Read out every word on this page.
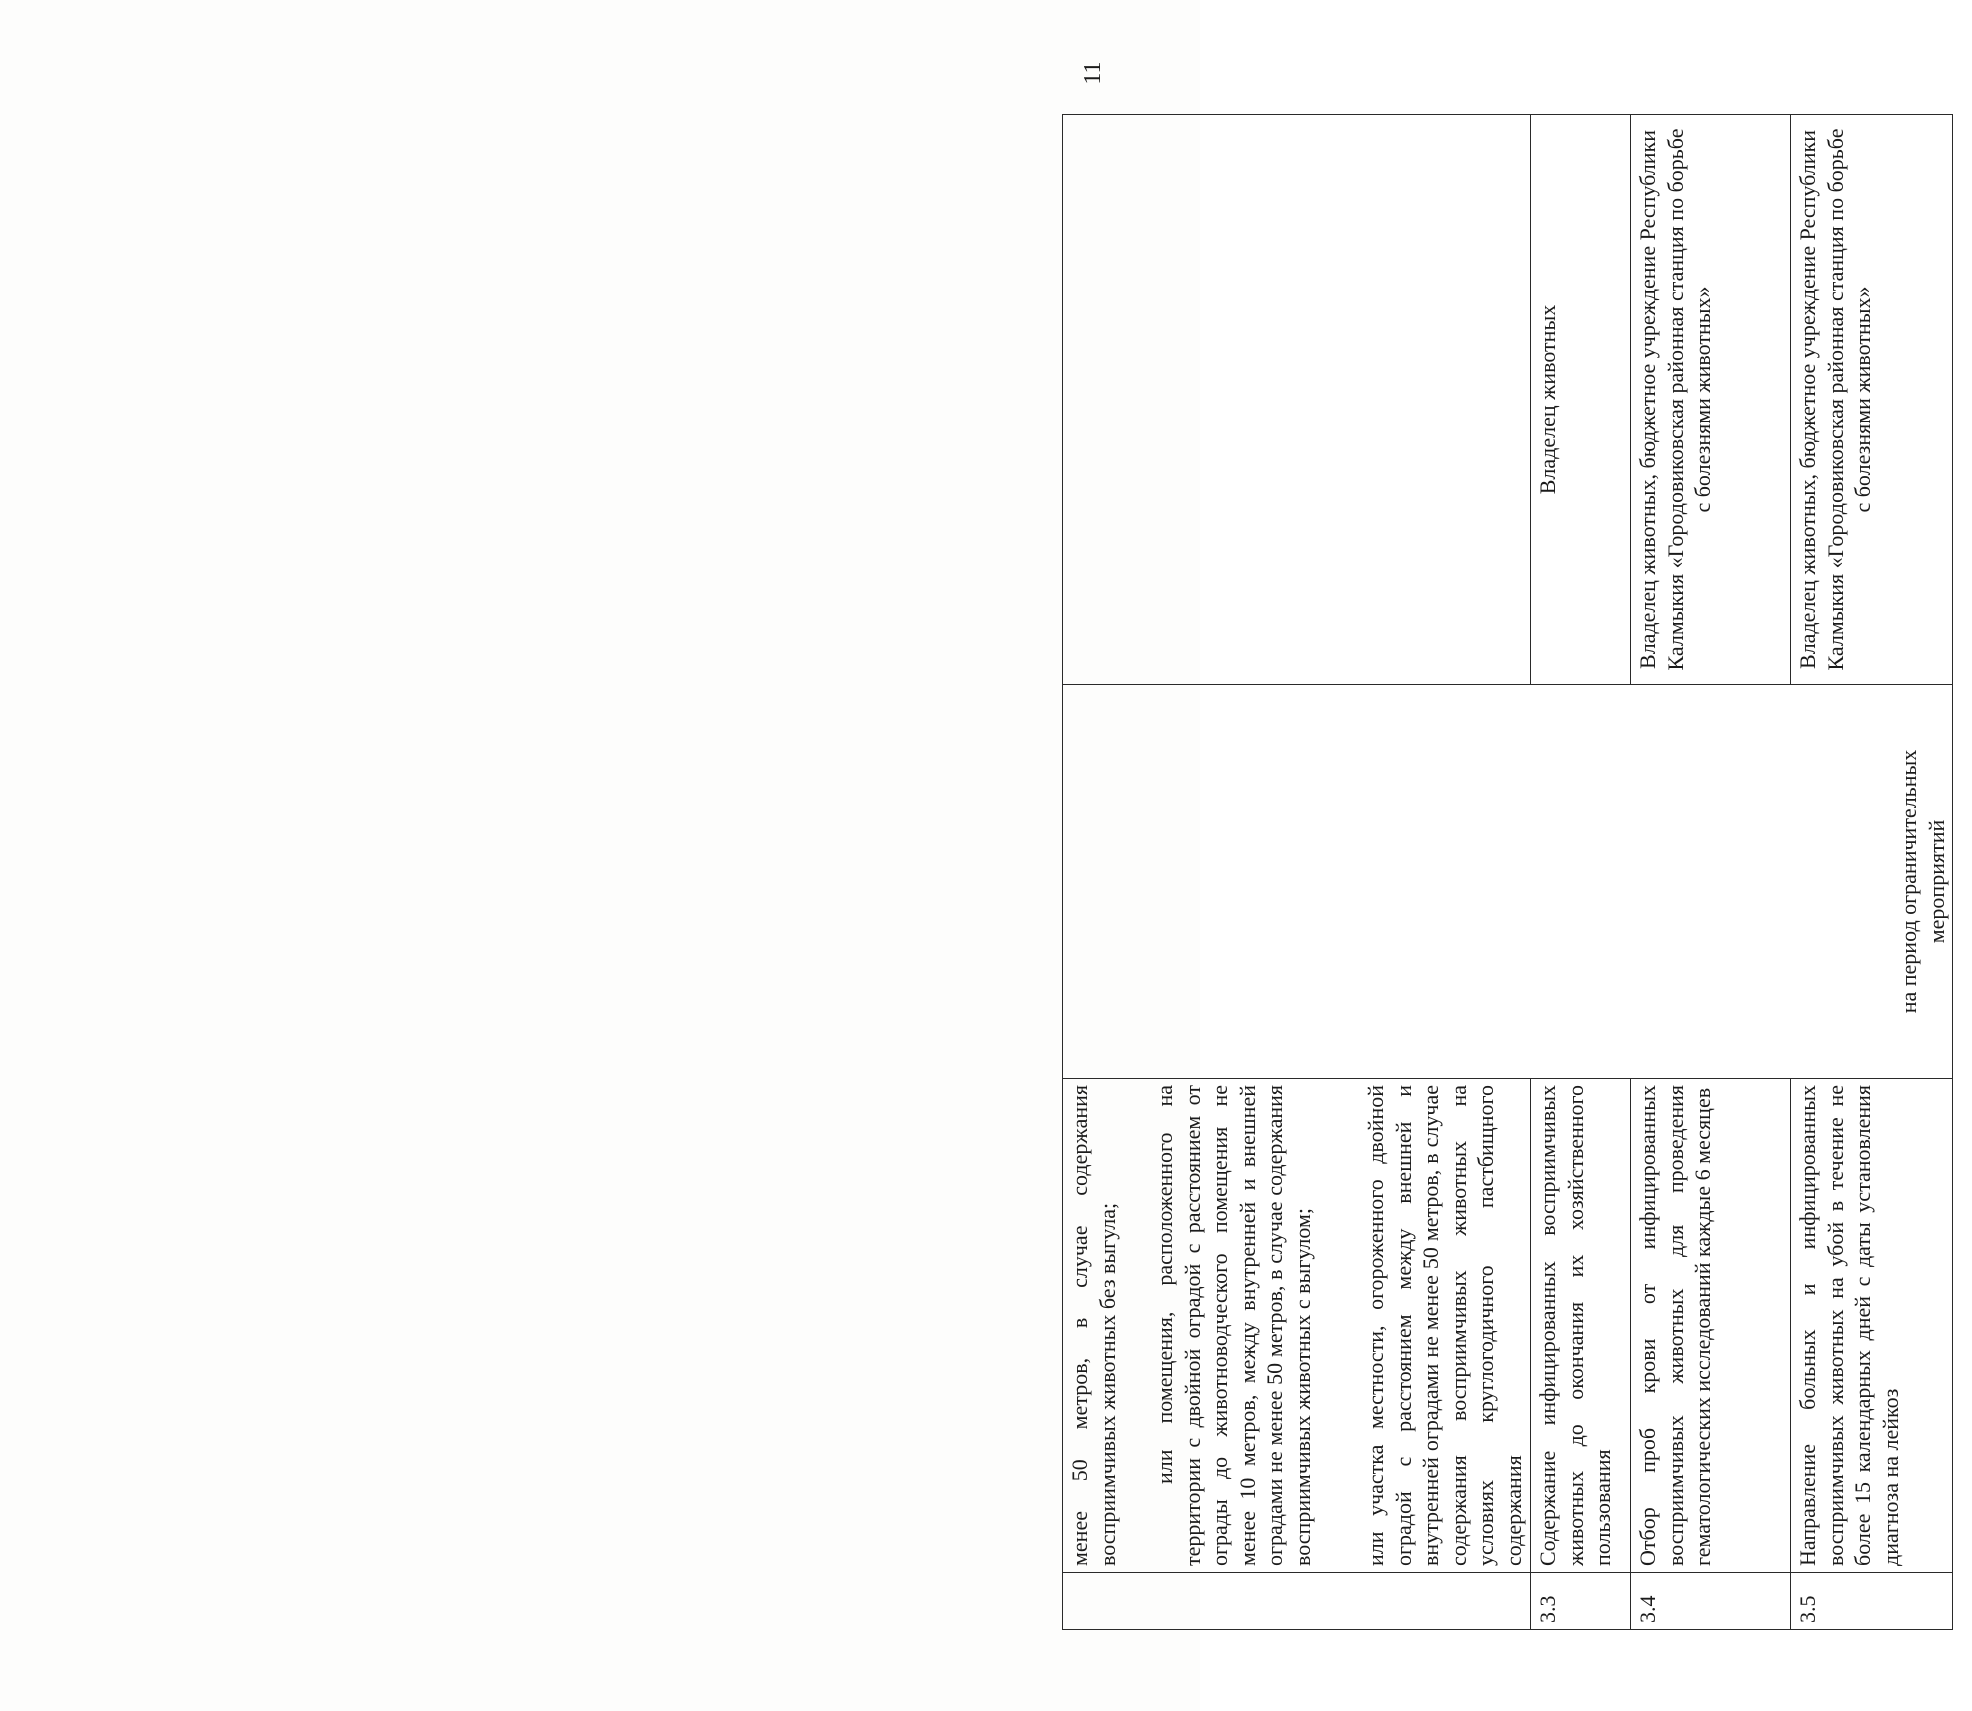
	менее 50 метров, в случае содержания восприимчивых животных без выгула; или помещения, расположенного на территории с двойной оградой с расстоянием от ограды до животноводческого помещения не менее 10 метров, между внутренней и внешней оградами не менее 50 метров, в случае содержания восприимчивых животных с выгулом; или участка местности, огороженного двойной оградой с расстоянием между внешней и внутренней оградами не менее 50 метров, в случае содержания восприимчивых животных на условиях круглогодичного пастбищного содержания	на период ограничительных мероприятий	
3.3	Содержание инфицированных восприимчивых животных до окончания их хозяйственного пользования		Владелец животных
3.4	Отбор проб крови от инфицированных восприимчивых животных для проведения гематологических исследований каждые 6 месяцев		Владелец животных, бюджетное учреждение Республики Калмыкия «Городовиковская районная станция по борьбе с болезнями животных»
3.5	Направление больных и инфицированных восприимчивых животных на убой в течение не более 15 календарных дней с даты установления диагноза на лейкоз		Владелец животных, бюджетное учреждение Республики Калмыкия «Городовиковская районная станция по борьбе с болезнями животных»
11
